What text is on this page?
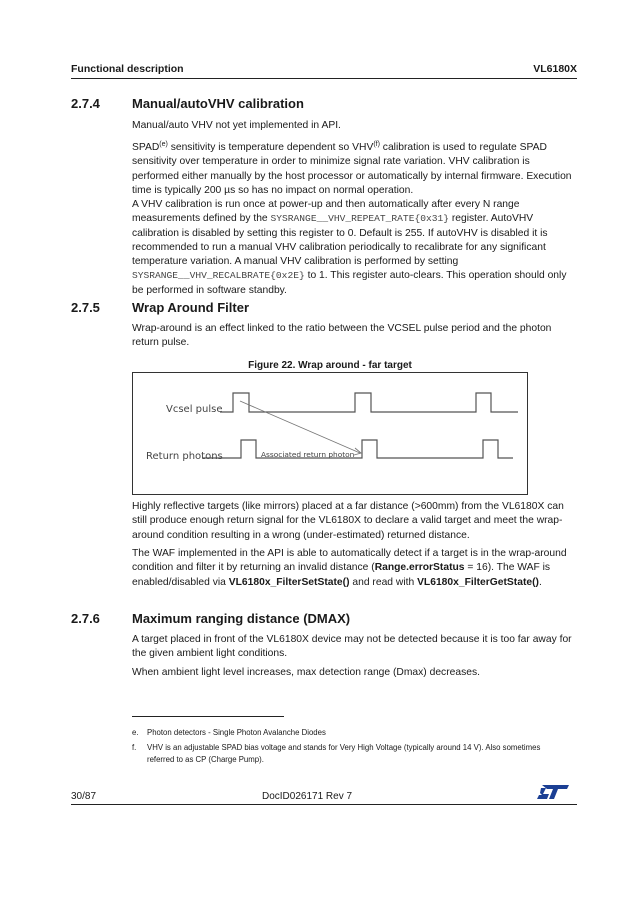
Functional description	VL6180X
2.7.4 Manual/autoVHV calibration

Manual/auto VHV not yet implemented in API.

SPAD$^{(e)}$ sensitivity is temperature dependent so VHV$^{(f)}$ calibration is used to regulate SPAD sensitivity over temperature in order to minimize signal rate variation. VHV calibration is performed either manually by the host processor or automatically by internal firmware. Execution time is typically 200 µs so has no impact on normal operation.

A VHV calibration is run once at power-up and then automatically after every N range measurements defined by the SYSRANGE__VHV_REPEAT_RATE{0x31} register. AutoVHV calibration is disabled by setting this register to 0. Default is 255. If autoVHV is disabled it is recommended to run a manual VHV calibration periodically to recalibrate for any significant temperature variation. A manual VHV calibration is performed by setting SYSRANGE__VHV_RECALBRATE{0x2E} to 1. This register auto-clears. This operation should only be performed in software standby.

2.7.5 Wrap Around Filter

Wrap-around is an effect linked to the ratio between the VCSEL pulse period and the photon return pulse.

Figure 22. Wrap around - far target
Vcsel pulse
Return photons	Associated return photon

Highly reflective targets (like mirrors) placed at a far distance (>600mm) from the VL6180X can still produce enough return signal for the VL6180X to declare a valid target and meet the wrap-around condition resulting in a wrong (under-estimated) returned distance.

The WAF implemented in the API is able to automatically detect if a target is in the wrap-around condition and filter it by returning an invalid distance (Range.errorStatus = 16). The WAF is enabled/disabled via VL6180x_FilterSetState() and read with VL6180x_FilterGetState().

2.7.6 Maximum ranging distance (DMAX)

A target placed in front of the VL6180X device may not be detected because it is too far away for the given ambient light conditions.

When ambient light level increases, max detection range (Dmax) decreases.

e. Photon detectors - Single Photon Avalanche Diodes
f. VHV is an adjustable SPAD bias voltage and stands for Very High Voltage (typically around 14 V). Also sometimes referred to as CP (Charge Pump).
30/87	DocID026171 Rev 7
